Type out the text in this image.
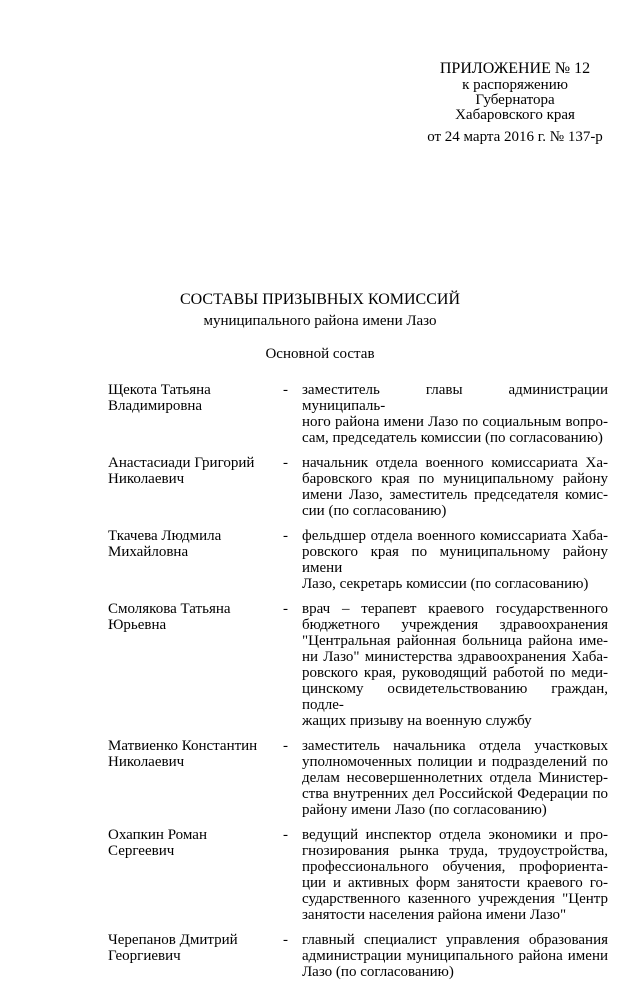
ПРИЛОЖЕНИЕ № 12
к распоряжению
Губернатора
Хабаровского края
от 24 марта 2016 г. № 137-р
СОСТАВЫ ПРИЗЫВНЫХ КОМИССИЙ
муниципального района имени Лазо
Основной состав
Щекота Татьяна
Владимировна
- заместитель главы администрации муниципаль-
ного района имени Лазо по социальным вопро-
сам, председатель комиссии (по согласованию)
Анастасиади Григорий
Николаевич
- начальник отдела военного комиссариата Ха-
баровского края по муниципальному району
имени Лазо, заместитель председателя комис-
сии (по согласованию)
Ткачева Людмила
Михайловна
- фельдшер отдела военного комиссариата Хаба-
ровского края по муниципальному району имени
Лазо, секретарь комиссии (по согласованию)
Смолякова Татьяна
Юрьевна
- врач – терапевт краевого государственного
бюджетного учреждения здравоохранения
"Центральная районная больница района име-
ни Лазо" министерства здравоохранения Хаба-
ровского края, руководящий работой по меди-
цинскому освидетельствованию граждан, подле-
жащих призыву на военную службу
Матвиенко Константин
Николаевич
- заместитель начальника отдела участковых
уполномоченных полиции и подразделений по
делам несовершеннолетних отдела Министер-
ства внутренних дел Российской Федерации по
району имени Лазо (по согласованию)
Охапкин Роман
Сергеевич
- ведущий инспектор отдела экономики и про-
гнозирования рынка труда, трудоустройства,
профессионального обучения, профориента-
ции и активных форм занятости краевого го-
сударственного казенного учреждения "Центр
занятости населения района имени Лазо"
Черепанов Дмитрий
Георгиевич
- главный специалист управления образования
администрации муниципального района имени
Лазо (по согласованию)
